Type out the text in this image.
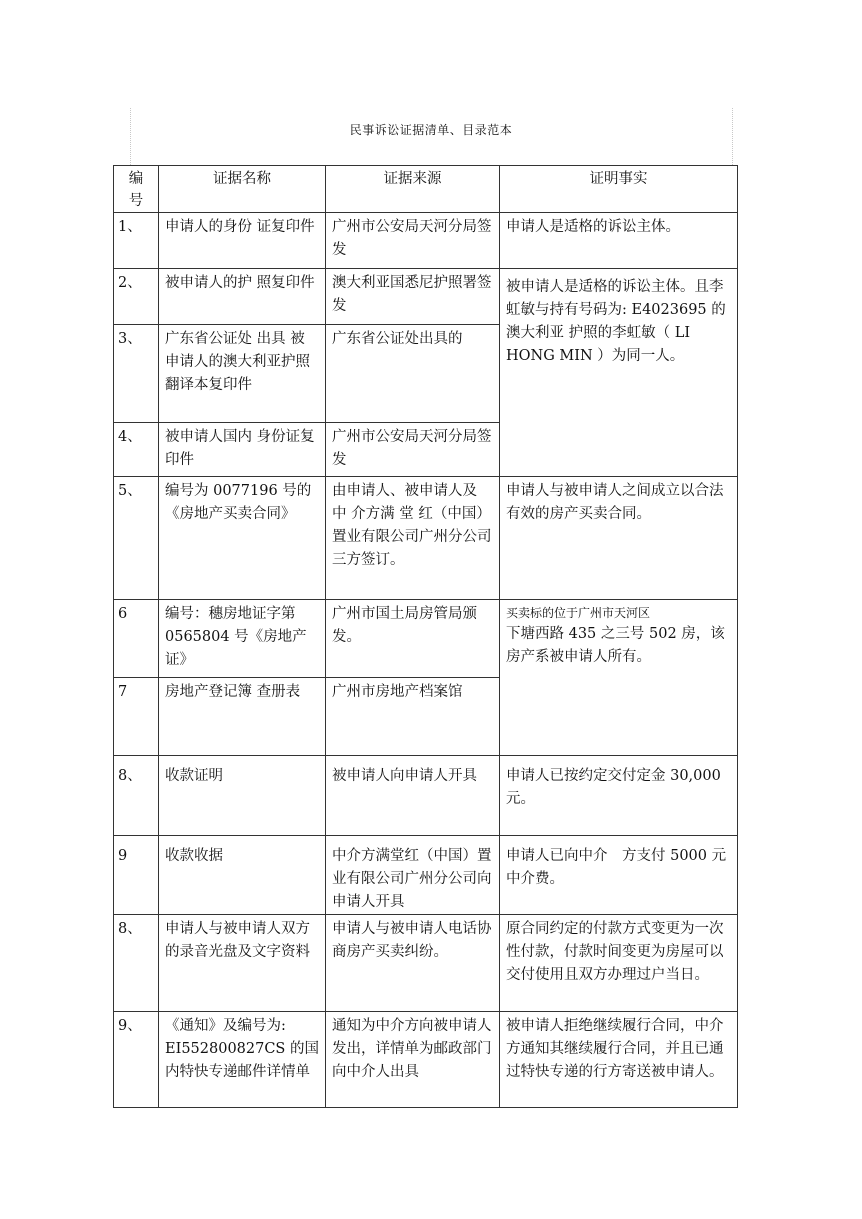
民事诉讼证据清单、目录范本
编号	证据名称	证据来源	证明事实
1、	申请人的身份 证复印件	广州市公安局天河分局签发	申请人是适格的诉讼主体。
2、	被申请人的护 照复印件	澳大利亚国悉尼护照署签发	被申请人是适格的诉讼主体。且李虹敏与持有号码为: E4023695 的澳大利亚 护照的李虹敏（ LI HONG MIN ）为同一人。
3、	广东省公证处 出具 被申请人的澳大利亚护照翻译本复印件	广东省公证处出具的	
4、	被申请人国内 身份证复印件	广州市公安局天河分局签发	
5、	编号为 0077196 号的《房地产买卖合同》	由申请人、被申请人及 中 介方满 堂 红（中国）置业有限公司广州分公司三方签订。	申请人与被申请人之间成立以合法有效的房产买卖合同。
6	编号：穗房地证字第 0565804 号《房地产证》	广州市国土局房管局颁发。	买卖标的位于广州市天河区
下塘西路 435 之三号 502 房，该房产系被申请人所有。

7	房地产登记簿 查册表	广州市房地产档案馆	
8、	收款证明	被申请人向申请人开具	申请人已按约定交付定金 30,000 元。
9	收款收据	中介方满堂红（中国）置业有限公司广州分公司向申请人开具	申请人已向中介　方支付 5000 元中介费。
8、	申请人与被申请人双方的录音光盘及文字资料	申请人与被申请人电话协商房产买卖纠纷。	原合同约定的付款方式变更为一次性付款，付款时间变更为房屋可以交付使用且双方办理过户当日。
9、	《通知》及编号为: EI552800827CS 的国内特快专递邮件详情单	通知为中介方向被申请人发出，详情单为邮政部门向中介人出具	被申请人拒绝继续履行合同，中介方通知其继续履行合同，并且已通过特快专递的行方寄送被申请人。
